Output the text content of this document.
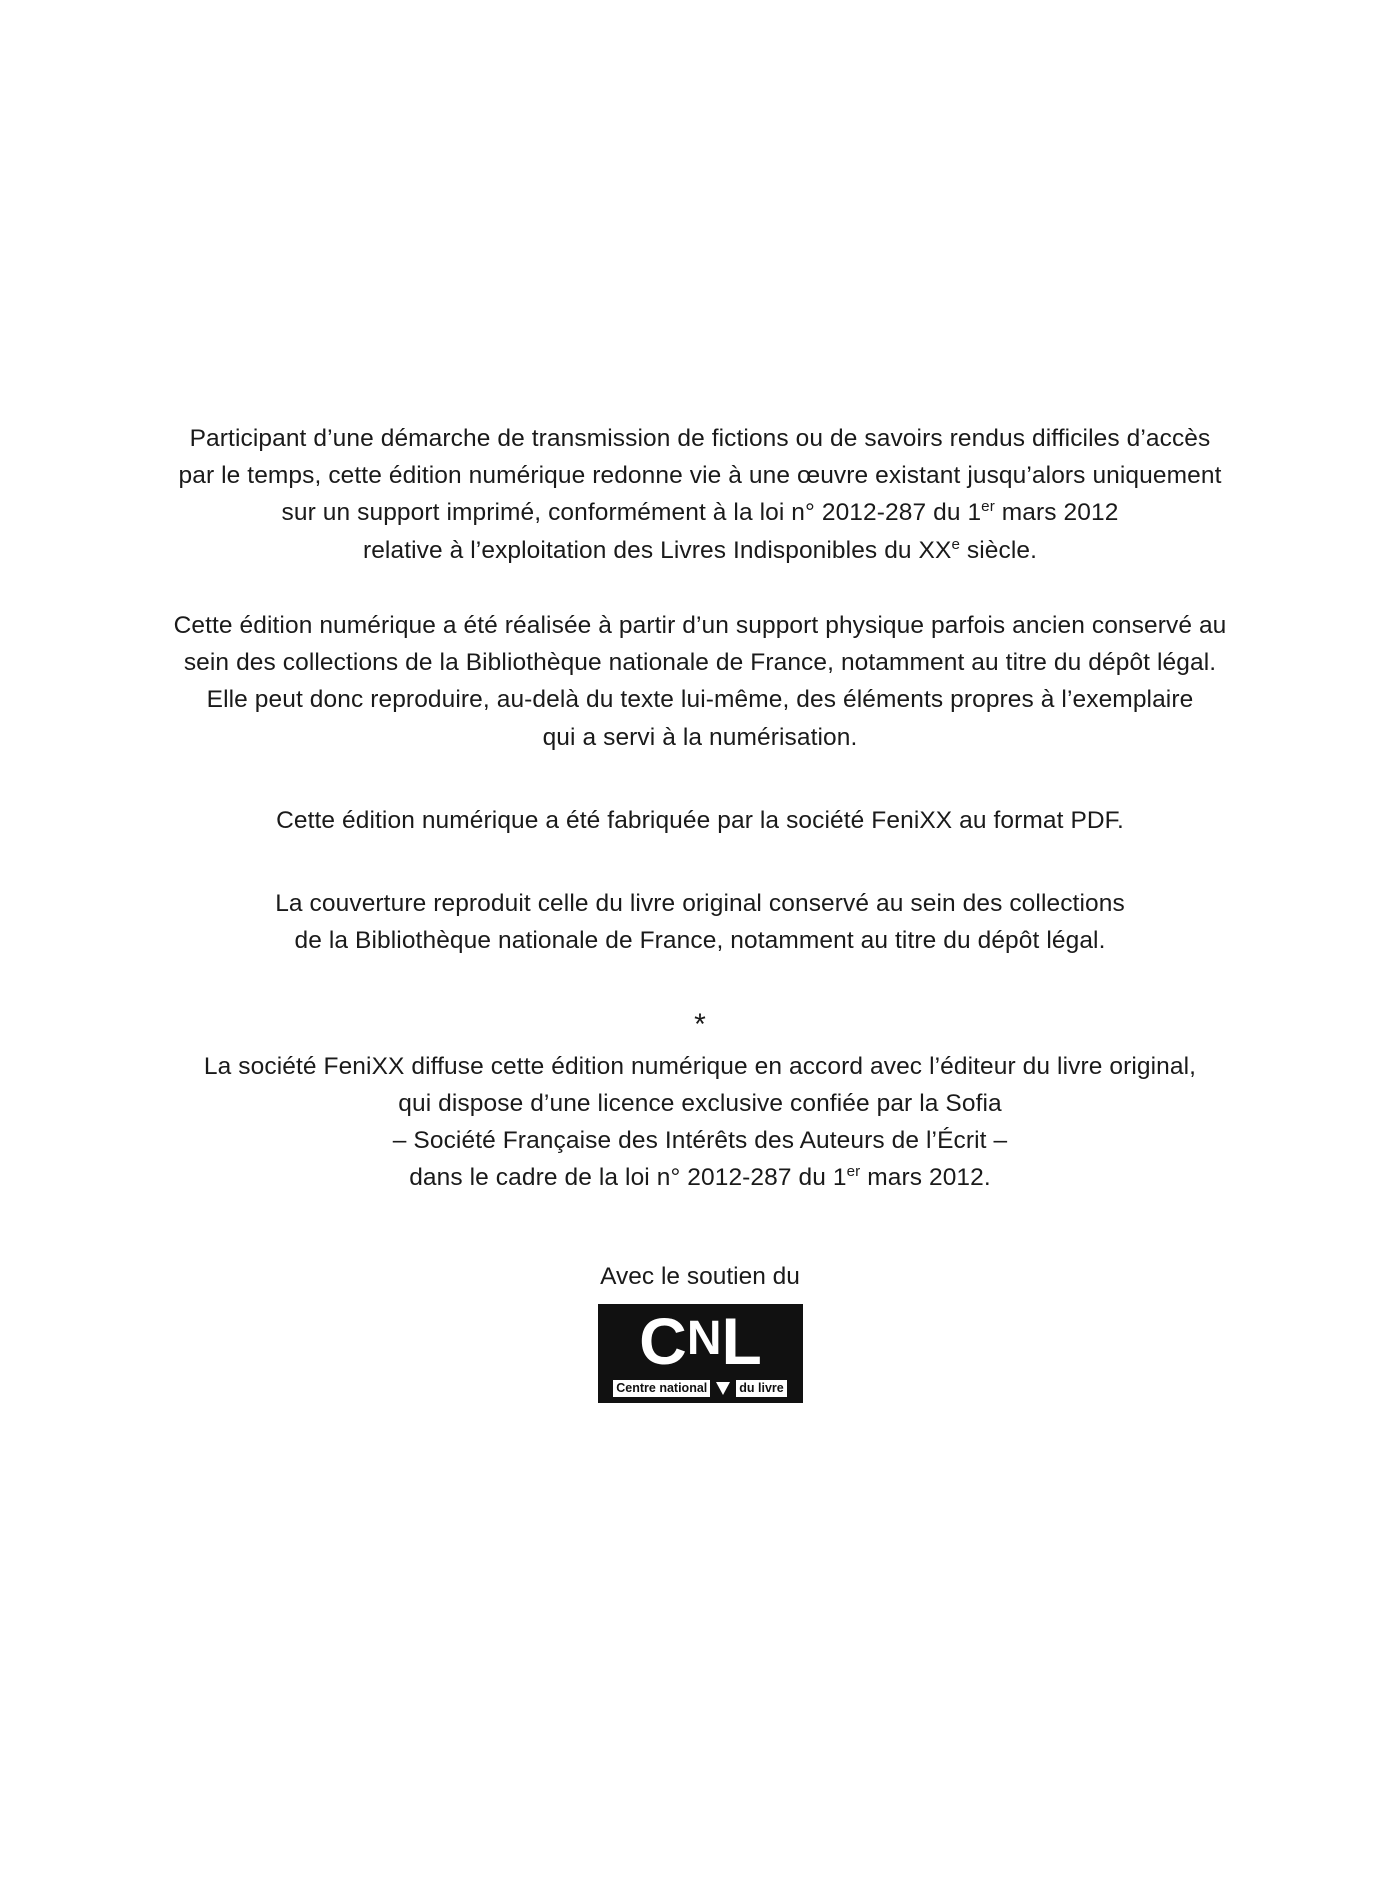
Participant d’une démarche de transmission de fictions ou de savoirs rendus difficiles d’accès
par le temps, cette édition numérique redonne vie à une œuvre existant jusqu’alors uniquement
sur un support imprimé, conformément à la loi n° 2012-287 du 1er mars 2012
relative à l’exploitation des Livres Indisponibles du XXe siècle.

Cette édition numérique a été réalisée à partir d’un support physique parfois ancien conservé au
sein des collections de la Bibliothèque nationale de France, notamment au titre du dépôt légal.
Elle peut donc reproduire, au-delà du texte lui-même, des éléments propres à l’exemplaire
qui a servi à la numérisation.

Cette édition numérique a été fabriquée par la société FeniXX au format PDF.

La couverture reproduit celle du livre original conservé au sein des collections
de la Bibliothèque nationale de France, notamment au titre du dépôt légal.

*

La société FeniXX diffuse cette édition numérique en accord avec l’éditeur du livre original,
qui dispose d’une licence exclusive confiée par la Sofia
– Société Française des Intérêts des Auteurs de l’Écrit –
dans le cadre de la loi n° 2012-287 du 1er mars 2012.

Avec le soutien du
C N L
Centre national	du livre
